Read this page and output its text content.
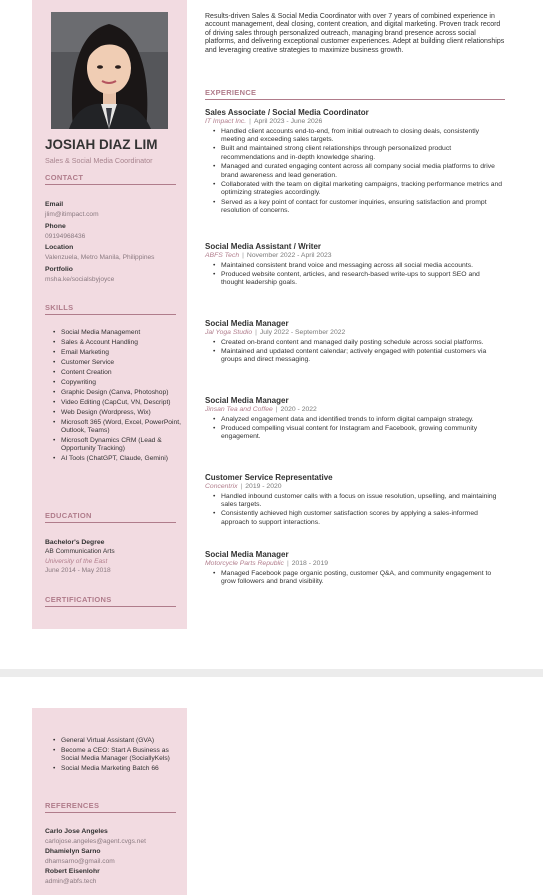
JOSIAH DIAZ LIM
Sales & Social Media Coordinator
CONTACT
Email
jlim@itimpact.com
Phone
09194968436
Location
Valenzuela, Metro Manila, Philippines
Portfolio
msha.ke/socialsbyjoyce
SKILLS
• Social Media Management
• Sales & Account Handling
• Email Marketing
• Customer Service
• Content Creation
• Copywriting
• Graphic Design (Canva, Photoshop)
• Video Editing (CapCut, VN, Descript)
• Web Design (Wordpress, Wix)
• Microsoft 365 (Word, Excel, PowerPoint, Outlook, Teams)
• Microsoft Dynamics CRM (Lead & Opportunity Tracking)
• AI Tools (ChatGPT, Claude, Gemini)
EDUCATION
Bachelor's Degree
AB Communication Arts
University of the East
June 2014 - May 2018
CERTIFICATIONS
Results-driven Sales & Social Media Coordinator with over 7 years of combined experience in account management, deal closing, content creation, and digital marketing. Proven track record of driving sales through personalized outreach, managing brand presence across social platforms, and delivering exceptional customer experiences. Adept at building client relationships and leveraging creative strategies to maximize business growth.
EXPERIENCE
Sales Associate / Social Media Coordinator
IT Impact Inc. | April 2023 - June 2026
• Handled client accounts end-to-end, from initial outreach to closing deals, consistently meeting and exceeding sales targets.
• Built and maintained strong client relationships through personalized product recommendations and in-depth knowledge sharing.
• Managed and curated engaging content across all company social media platforms to drive brand awareness and lead generation.
• Collaborated with the team on digital marketing campaigns, tracking performance metrics and optimizing strategies accordingly.
• Served as a key point of contact for customer inquiries, ensuring satisfaction and prompt resolution of concerns.
Social Media Assistant / Writer
ABFS Tech | November 2022 - April 2023
• Maintained consistent brand voice and messaging across all social media accounts.
• Produced website content, articles, and research-based write-ups to support SEO and thought leadership goals.
Social Media Manager
Jal Yoga Studio | July 2022 - September 2022
• Created on-brand content and managed daily posting schedule across social platforms.
• Maintained and updated content calendar; actively engaged with potential customers via groups and direct messaging.
Social Media Manager
Jinsan Tea and Coffee | 2020 - 2022
• Analyzed engagement data and identified trends to inform digital campaign strategy.
• Produced compelling visual content for Instagram and Facebook, growing community engagement.
Customer Service Representative
Concentrix | 2019 - 2020
• Handled inbound customer calls with a focus on issue resolution, upselling, and maintaining sales targets.
• Consistently achieved high customer satisfaction scores by applying a sales-informed approach to support interactions.
Social Media Manager
Motorcycle Parts Republic | 2018 - 2019
• Managed Facebook page organic posting, customer Q&A, and community engagement to grow followers and brand visibility.
• General Virtual Assistant (GVA)
• Become a CEO: Start A Business as Social Media Manager (SociallyKels)
• Social Media Marketing Batch 66
REFERENCES
Carlo Jose Angeles
carlojose.angeles@agent.cvgs.net
Dhamielyn Sarno
dhamsarno@gmail.com
Robert Eisenlohr
admin@abfs.tech
